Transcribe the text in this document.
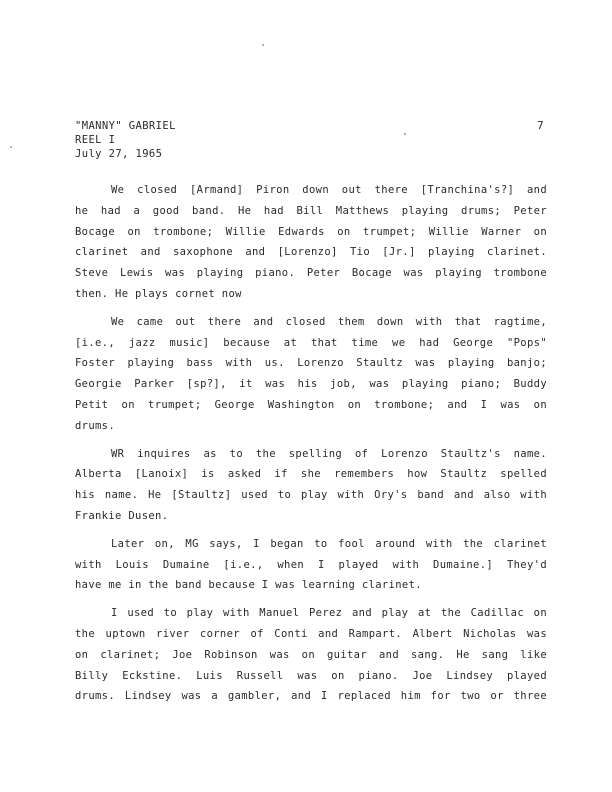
"MANNY" GABRIEL
REEL I
July 27, 1965
7
We closed [Armand] Piron down out there [Tranchina's?] and
he had a good band. He had Bill Matthews playing drums; Peter
Bocage on trombone; Willie Edwards on trumpet; Willie Warner on
clarinet and saxophone and [Lorenzo] Tio [Jr.] playing clarinet.
Steve Lewis was playing piano. Peter Bocage was playing trombone
then. He plays cornet now
We came out there and closed them down with that ragtime,
[i.e., jazz music] because at that time we had George "Pops"
Foster playing bass with us. Lorenzo Staultz was playing banjo;
Georgie Parker [sp?], it was his job, was playing piano; Buddy
Petit on trumpet; George Washington on trombone; and I was on
drums.
WR inquires as to the spelling of Lorenzo Staultz's name.
Alberta [Lanoix] is asked if she remembers how Staultz spelled
his name. He [Staultz] used to play with Ory's band and also with
Frankie Dusen.
Later on, MG says, I began to fool around with the clarinet
with Louis Dumaine [i.e., when I played with Dumaine.] They'd
have me in the band because I was learning clarinet.
I used to play with Manuel Perez and play at the Cadillac on
the uptown river corner of Conti and Rampart. Albert Nicholas was
on clarinet; Joe Robinson was on guitar and sang. He sang like
Billy Eckstine. Luis Russell was on piano. Joe Lindsey played
drums. Lindsey was a gambler, and I replaced him for two or three
